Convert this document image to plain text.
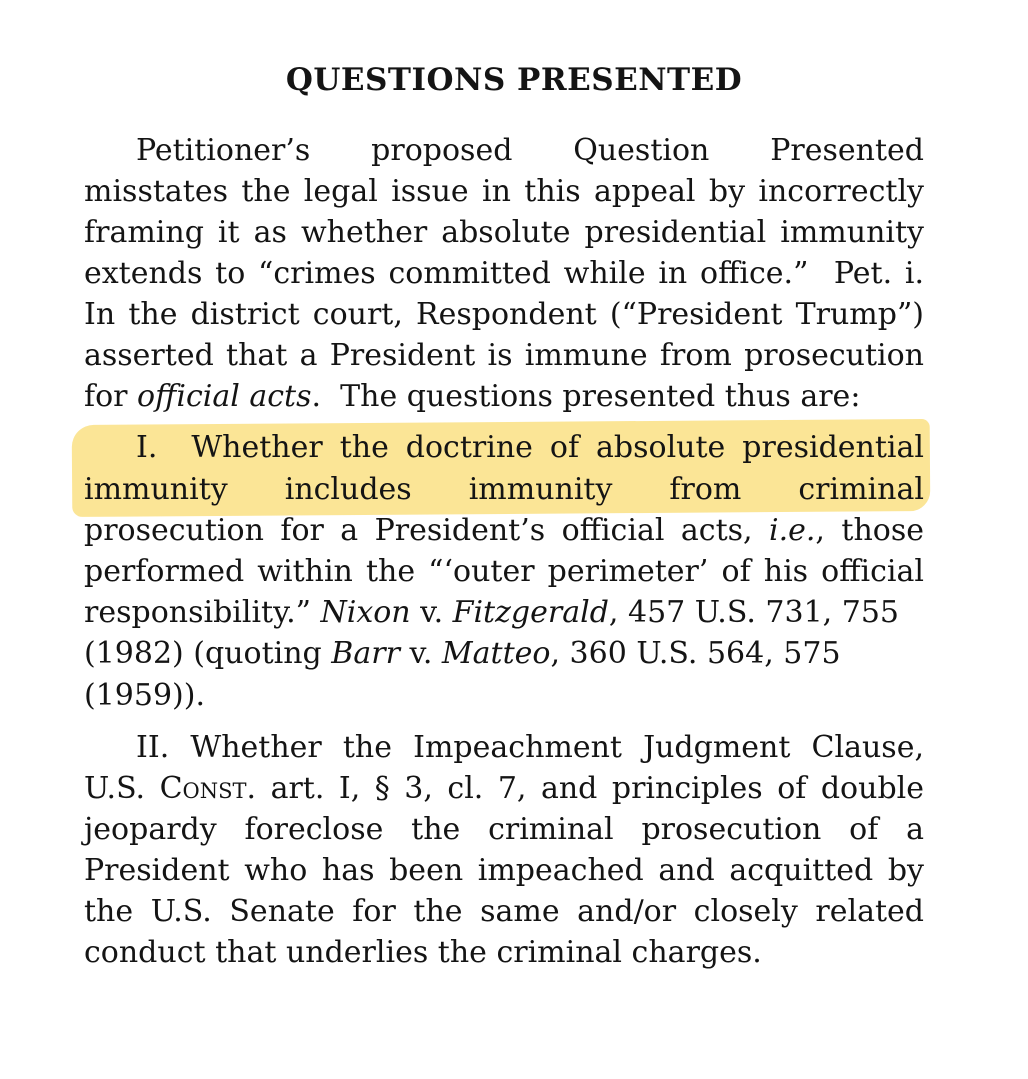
QUESTIONS PRESENTED
Petitioner’s proposed Question Presented
misstates the legal issue in this appeal by incorrectly
framing it as whether absolute presidential immunity
extends to “crimes committed while in office.”  Pet. i.
In the district court, Respondent (“President Trump”)
asserted that a President is immune from prosecution
for official acts.  The questions presented thus are:
I.  Whether the doctrine of absolute presidential
immunity includes immunity from criminal
prosecution for a President’s official acts, i.e., those
performed within the “‘outer perimeter’ of his official
responsibility.” Nixon v. Fitzgerald, 457 U.S. 731, 755
(1982) (quoting Barr v. Matteo, 360 U.S. 564, 575
(1959)).
II. Whether the Impeachment Judgment Clause,
U.S. Const. art. I, § 3, cl. 7, and principles of double
jeopardy foreclose the criminal prosecution of a
President who has been impeached and acquitted by
the U.S. Senate for the same and/or closely related
conduct that underlies the criminal charges.
